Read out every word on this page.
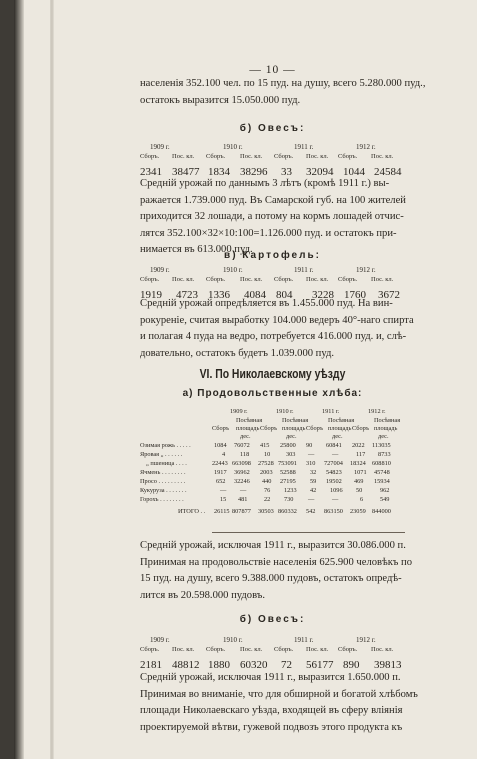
— 10 —
населенія 352.100 чел. по 15 пуд. на душу, всего 5.280.000 пуд.,
остатокъ выразится 15.050.000 пуд.
б) Овесъ:
1909 г.	1910 г.	1911 г.	1912 г.
Сборъ. Пос. кл. Сборъ. Пос. кл. Сборъ. Пос. кл. Сборъ. Пос. кл.
2341 38477 1834 38296 33 32094 1044 24584
Средній урожай по даннымъ 3 лѣтъ (кромѣ 1911 г.) вы-
ражается 1.739.000 пуд. Въ Самарской губ. на 100 жителей
приходится 32 лошади, а потому на кормъ лошадей отчис-
лятся 352.100×32×10:100=1.126.000 пуд. и остатокъ при-
нимается въ 613.000 пуд.
в) Картофель:
1909 г.	1910 г.	1911 г.	1912 г.
Сборъ. Пос. кл. Сборъ. Пос. кл. Сборъ. Пос. кл. Сборъ. Пос. кл.
1919 4723 1336 4084 804 3228 1760 3672
Средній урожай опредѣляется въ 1.455.000 пуд. На вин-
рокуреніе, считая выработку 104.000 ведеръ 40°-наго спирта
и полагая 4 пуда на ведро, потребуется 416.000 пуд. и, слѣ-
довательно, остатокъ будетъ 1.039.000 пуд.
VI. По Николаевскому уѣзду
а) Продовольственные хлѣба:
1909 г.	1910 г.	1911 г.	1912 г.
Посѣвная	Посѣвная	Посѣвная	Посѣвная
Сборъ площадь Сборъ площадь Сборъ площадь Сборъ площадь
дес.	дес.	дес.	дес.
Озимая рожь . . . . .	1084 76072 415 25800 90 60841 2022 113035
Яровая „ . . . . . .	4 118 10 303 —	—	117 8733
„ пшеница . . . .	22443 663098 27528 753091 310 727004 18324 608810
Ячмень . . . . . . . .	1917 36962 2003 52588 32 54823 1071 45748
Просо . . . . . . . . .	652 32246 440 27195 59 19502 469 15934
Кукуруза . . . . . . .	— —	76 1233 42 1096 50	962
Горохъ . . . . . . . .	15 481	22 730 —	—	6	549
ИТОГО . . 26115 807877 30503 860332 542 863150 23059 844000
Средній урожай, исключая 1911 г., выразится 30.086.000 п.
Принимая на продовольствіе населенія 625.900 человѣкъ по
15 пуд. на душу, всего 9.388.000 пудовъ, остатокъ опредѣ-
лится въ 20.598.000 пудовъ.
б) Овесъ:
1909 г.	1910 г.	1911 г.	1912 г.
Сборъ. Пос. кл. Сборъ. Пос. кл. Сборъ. Пос. кл. Сборъ. Пос. кл.
2181 48812 1880 60320 72 56177 890 39813
Средній урожай, исключая 1911 г., выразится 1.650.000 п.
Принимая во вниманіе, что для обширной и богатой хлѣбомъ
площади Николаевскаго уѣзда, входящей въ сферу вліянія
проектируемой вѣтви, гужевой подвозъ этого продукта къ
